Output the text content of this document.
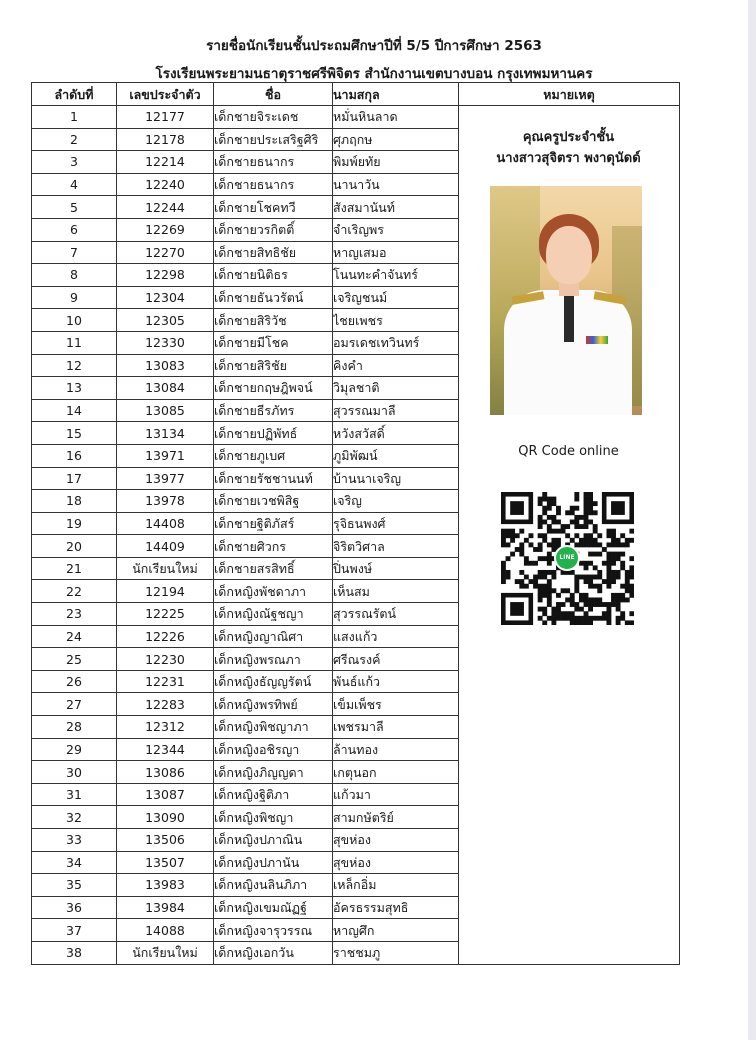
รายชื่อนักเรียนชั้นประถมศึกษาปีที่ 5/5 ปีการศึกษา 2563
โรงเรียนพระยามนธาตุราชศรีพิจิตร สำนักงานเขตบางบอน กรุงเทพมหานคร
ลำดับที่	เลขประจำตัว	ชื่อ	นามสกุล	หมายเหตุ
1	12177	เด็กชายจิระเดช	หมั่นหินลาด	คุณครูประจำชั้น
นางสาวสุจิตรา พงาดุนัดด์
QR Code online
LINE

2	12178	เด็กชายประเสริฐศิริ	ศุภฤกษ	
3	12214	เด็กชายธนากร	พิมพ์ยทัย	
4	12240	เด็กชายธนากร	นานาวัน	
5	12244	เด็กชายโชคทวี	สังสมานันท์	
6	12269	เด็กชายวรกิตติ์	จำเริญพร	
7	12270	เด็กชายสิทธิชัย	หาญเสมอ	
8	12298	เด็กชายนิติธร	โนนทะคำจันทร์	
9	12304	เด็กชายธันวรัตน์	เจริญชนม์	
10	12305	เด็กชายสิริวัช	ไชยเพชร	
11	12330	เด็กชายมีโชค	อมรเดชเทวินทร์	
12	13083	เด็กชายสิริชัย	คิงคำ	
13	13084	เด็กชายกฤษฎิพจน์	วิมุลชาติ	
14	13085	เด็กชายธีรภัทร	สุวรรณมาลี	
15	13134	เด็กชายปฏิพัทธ์	หวังสวัสดิ์	
16	13971	เด็กชายภูเบศ	ภูมิพัฒน์	
17	13977	เด็กชายรัชชานนท์	บ้านนาเจริญ	
18	13978	เด็กชายเวชพิสิฐ	เจริญ	
19	14408	เด็กชายฐิติภัสร์	รุจิธนพงศ์	
20	14409	เด็กชายศิวกร	จิริตวิศาล	
21	นักเรียนใหม่	เด็กชายสรสิทธิ์	ปิ่นพงษ์	
22	12194	เด็กหญิงพัชดาภา	เห็นสม	
23	12225	เด็กหญิงณัฐชญา	สุวรรณรัตน์	
24	12226	เด็กหญิงญาณิศา	แสงแก้ว	
25	12230	เด็กหญิงพรณภา	ศรีณรงค์	
26	12231	เด็กหญิงธัญญรัตน์	พันธ์แก้ว	
27	12283	เด็กหญิงพรทิพย์	เข็มเพ็ชร	
28	12312	เด็กหญิงพิชญาภา	เพชรมาลี	
29	12344	เด็กหญิงอชิรญา	ล้านทอง	
30	13086	เด็กหญิงภิญญดา	เกตุนอก	
31	13087	เด็กหญิงฐิติภา	แก้วมา	
32	13090	เด็กหญิงพิชญา	สามกษัตริย์	
33	13506	เด็กหญิงปภาณิน	สุขห่อง	
34	13507	เด็กหญิงปภานัน	สุขห่อง	
35	13983	เด็กหญิงนลินภิภา	เหล็กอิ่ม	
36	13984	เด็กหญิงเขมณัฏฐ์	อัครธรรมสุทธิ	
37	14088	เด็กหญิงจารุวรรณ	หาญศึก	
38	นักเรียนใหม่	เด็กหญิงเอกวัน	ราชชมภู	
